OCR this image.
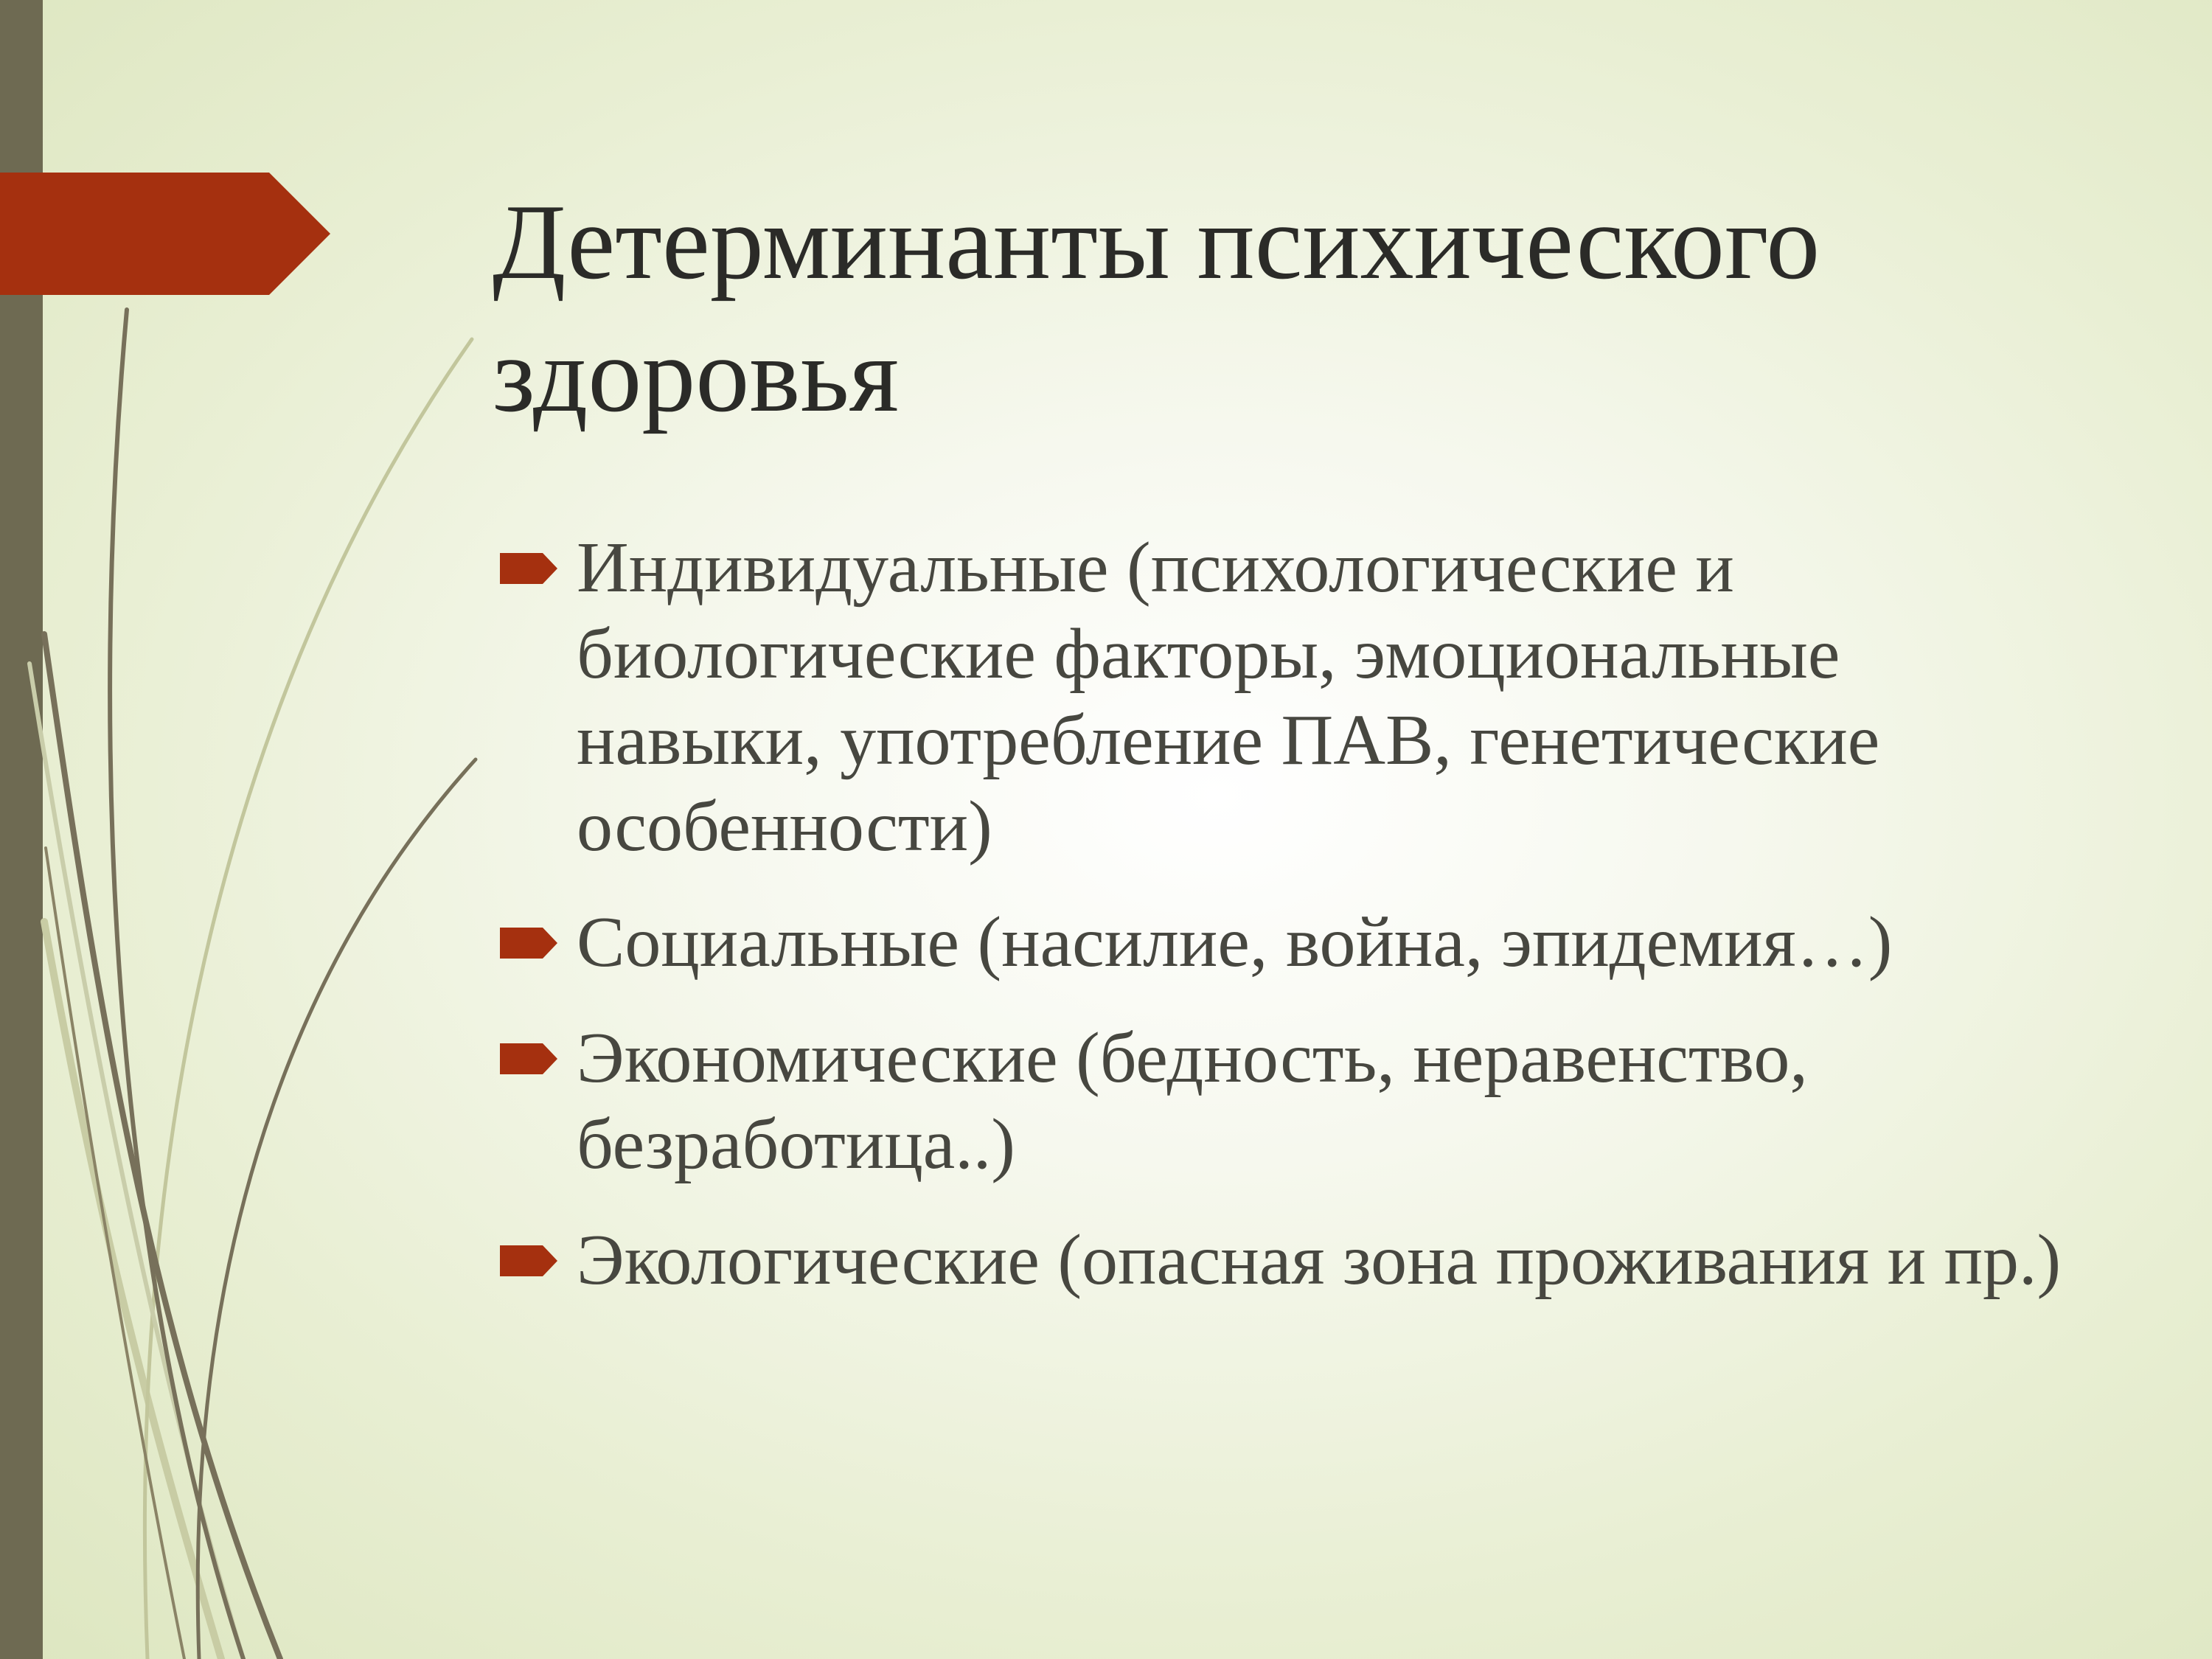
Детерминанты психического здоровья
Индивидуальные (психологические и биологические факторы, эмоциональные навыки, употребление ПАВ, генетические особенности)
Социальные (насилие, война, эпидемия…)
Экономические (бедность, неравенство, безработица..)
Экологические (опасная зона проживания и пр.)
